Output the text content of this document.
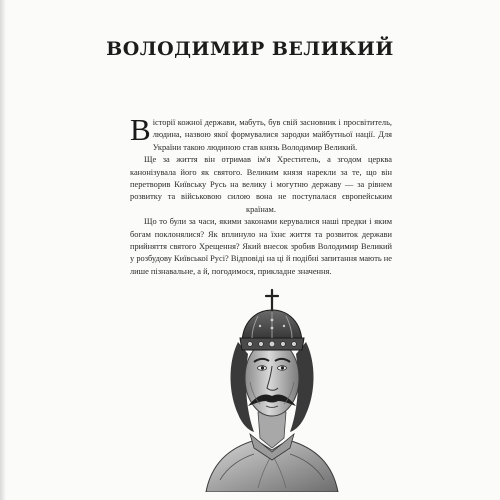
ВОЛОДИМИР ВЕЛИКИЙ

Вісторії кожної держави, мабуть, був свій засновник і просвітитель, людина, назвою якої формувалися зародки майбутньої нації. Для України такою людиною став князь Володимир Великий.

Ще за життя він отримав ім'я Хреститель, а згодом церква канонізувала його як святого. Великим князя нарекли за те, що він перетворив Київську Русь на велику і могутню державу — за рівнем розвитку та військовою силою вона не поступалася європейським країнам.

Що то були за часи, якими законами керувалися наші предки і яким богам поклонялися? Як вплинуло на їхнє життя та розвиток держави прийняття святого Хрещення? Який внесок зробив Володимир Великий у розбудову Київської Русі? Відповіді на ці й подібні запитання мають не лише пізнавальне, а й, погодимося, прикладне значення.
